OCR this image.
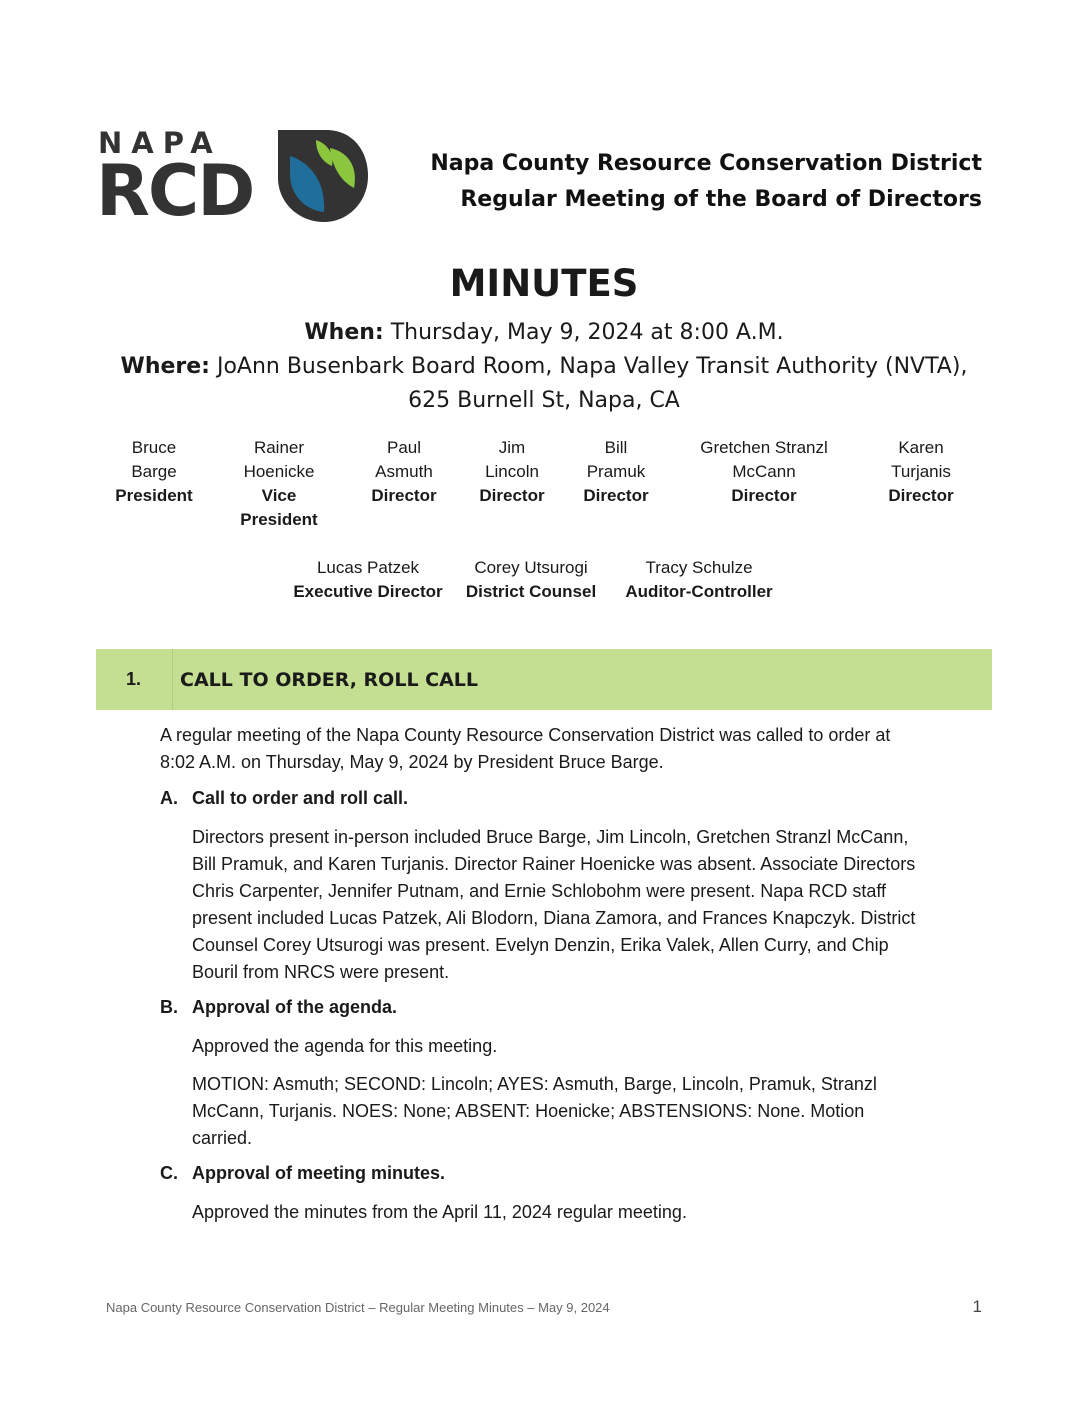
NAPA
RCD	Napa County Resource Conservation District
Regular Meeting of the Board of Directors
MINUTES
When: Thursday, May 9, 2024 at 8:00 A.M.
Where: JoAnn Busenbark Board Room, Napa Valley Transit Authority (NVTA),
625 Burnell St, Napa, CA
Bruce
Barge
President
Rainer
Hoenicke
Vice
President
Paul
Asmuth
Director
Jim
Lincoln
Director
Bill
Pramuk
Director
Gretchen Stranzl
McCann
Director
Karen
Turjanis
Director
Lucas Patzek
Executive Director
Corey Utsurogi
District Counsel
Tracy Schulze
Auditor-Controller
1. CALL TO ORDER, ROLL CALL
A regular meeting of the Napa County Resource Conservation District was called to order at
8:02 A.M. on Thursday, May 9, 2024 by President Bruce Barge.
A. Call to order and roll call.
Directors present in-person included Bruce Barge, Jim Lincoln, Gretchen Stranzl McCann,
Bill Pramuk, and Karen Turjanis. Director Rainer Hoenicke was absent. Associate Directors
Chris Carpenter, Jennifer Putnam, and Ernie Schlobohm were present. Napa RCD staff
present included Lucas Patzek, Ali Blodorn, Diana Zamora, and Frances Knapczyk. District
Counsel Corey Utsurogi was present. Evelyn Denzin, Erika Valek, Allen Curry, and Chip
Bouril from NRCS were present.
B. Approval of the agenda.
Approved the agenda for this meeting.
MOTION: Asmuth; SECOND: Lincoln; AYES: Asmuth, Barge, Lincoln, Pramuk, Stranzl
McCann, Turjanis. NOES: None; ABSENT: Hoenicke; ABSTENSIONS: None. Motion
carried.
C. Approval of meeting minutes.
Approved the minutes from the April 11, 2024 regular meeting.
Napa County Resource Conservation District – Regular Meeting Minutes – May 9, 2024	1
